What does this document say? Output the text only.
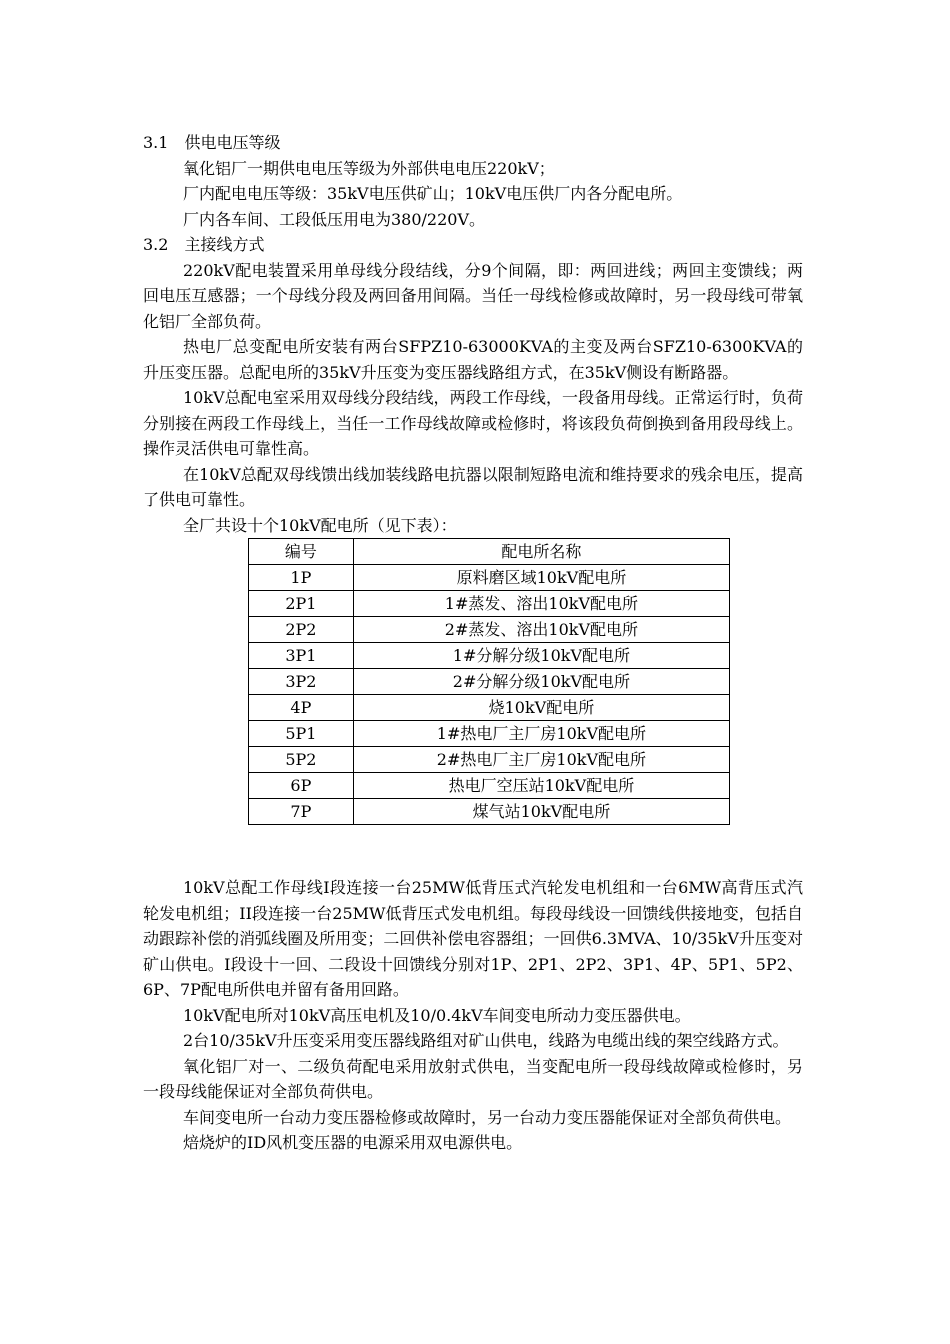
3.1　供电电压等级

氧化铝厂一期供电电压等级为外部供电电压220kV；

厂内配电电压等级：35kV电压供矿山；10kV电压供厂内各分配电所。

厂内各车间、工段低压用电为380/220V。

3.2　主接线方式

220kV配电装置采用单母线分段结线，分9个间隔，即：两回进线；两回主变馈线；两回电压互感器；一个母线分段及两回备用间隔。当任一母线检修或故障时，另一段母线可带氧化铝厂全部负荷。

热电厂总变配电所安装有两台SFPZ10-63000KVA的主变及两台SFZ10-6300KVA的升压变压器。总配电所的35kV升压变为变压器线路组方式，在35kV侧设有断路器。

10kV总配电室采用双母线分段结线，两段工作母线，一段备用母线。正常运行时，负荷分别接在两段工作母线上，当任一工作母线故障或检修时，将该段负荷倒换到备用段母线上。操作灵活供电可靠性高。

在10kV总配双母线馈出线加装线路电抗器以限制短路电流和维持要求的残余电压，提高了供电可靠性。

全厂共设十个10kV配电所（见下表）：

编号	配电所名称
1P	原料磨区域10kV配电所
2P1	1#蒸发、溶出10kV配电所
2P2	2#蒸发、溶出10kV配电所
3P1	1#分解分级10kV配电所
3P2	2#分解分级10kV配电所
4P	烧10kV配电所
5P1	1#热电厂主厂房10kV配电所
5P2	2#热电厂主厂房10kV配电所
6P	热电厂空压站10kV配电所
7P	煤气站10kV配电所

10kV总配工作母线I段连接一台25MW低背压式汽轮发电机组和一台6MW高背压式汽轮发电机组；II段连接一台25MW低背压式发电机组。每段母线设一回馈线供接地变，包括自动跟踪补偿的消弧线圈及所用变；二回供补偿电容器组；一回供6.3MVA、10/35kV升压变对矿山供电。I段设十一回、二段设十回馈线分别对1P、2P1、2P2、3P1、4P、5P1、5P2、6P、7P配电所供电并留有备用回路。

10kV配电所对10kV高压电机及10/0.4kV车间变电所动力变压器供电。

2台10/35kV升压变采用变压器线路组对矿山供电，线路为电缆出线的架空线路方式。

氧化铝厂对一、二级负荷配电采用放射式供电，当变配电所一段母线故障或检修时，另一段母线能保证对全部负荷供电。

车间变电所一台动力变压器检修或故障时，另一台动力变压器能保证对全部负荷供电。

焙烧炉的ID风机变压器的电源采用双电源供电。
